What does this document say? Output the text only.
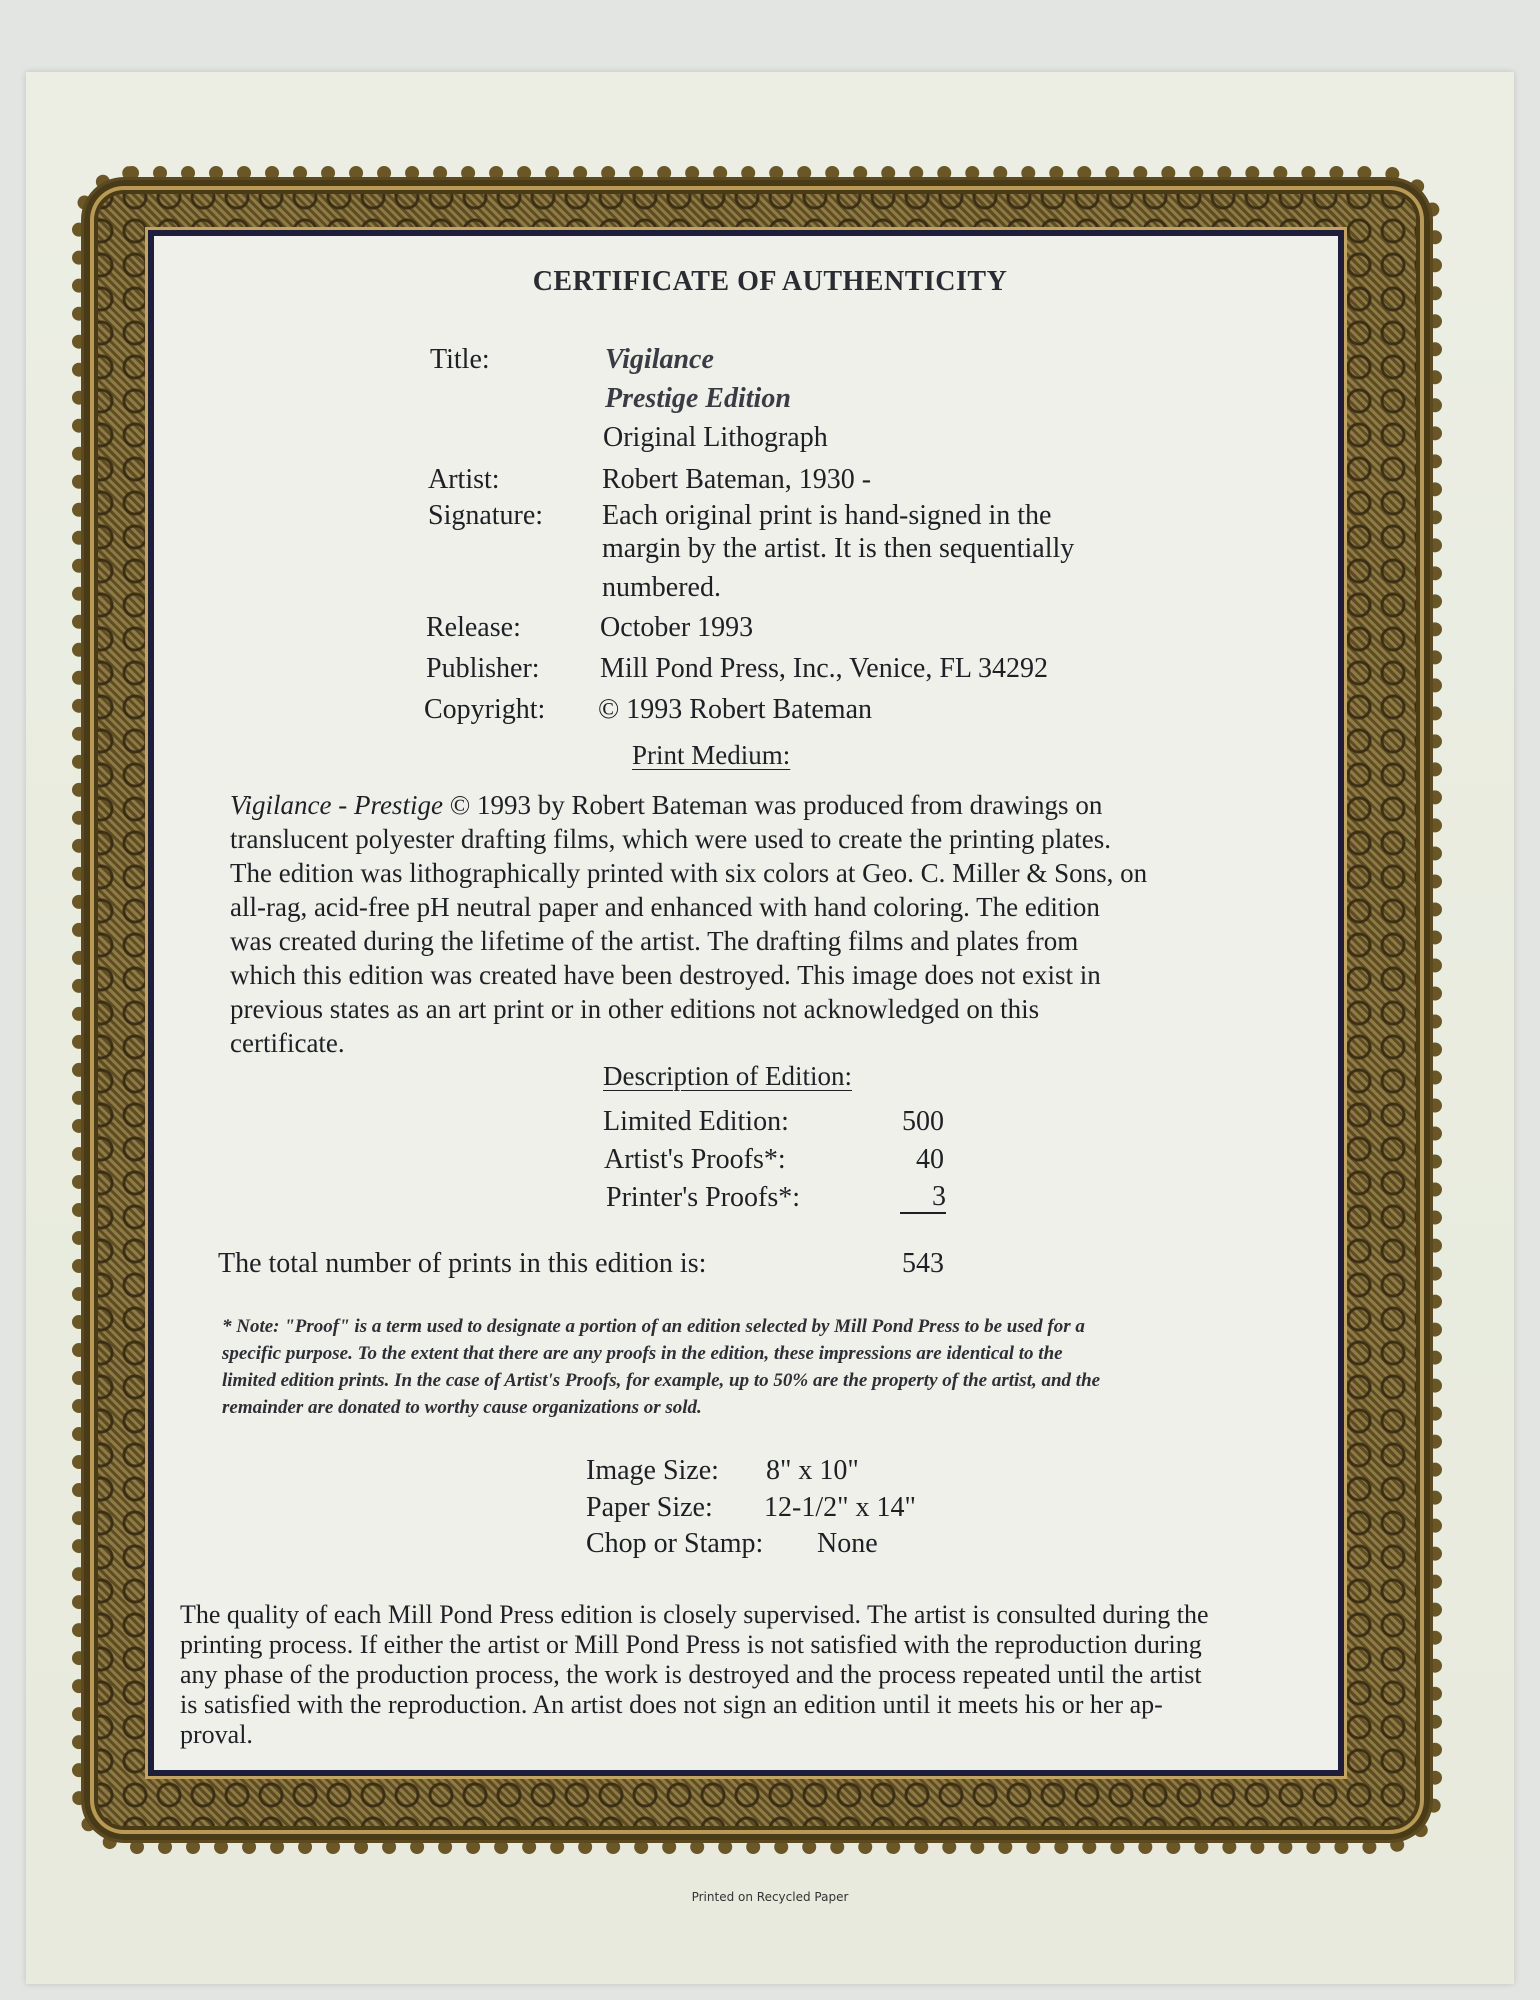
CERTIFICATE OF AUTHENTICITY
Title:	Vigilance
Prestige Edition
Original Lithograph
Artist:	Robert Bateman, 1930 -
Signature: Each original print is hand-signed in the
margin by the artist. It is then sequentially
numbered.
Release:	October 1993
Publisher: Mill Pond Press, Inc., Venice, FL 34292
Copyright: © 1993 Robert Bateman
Print Medium:
Vigilance - Prestige © 1993 by Robert Bateman was produced from drawings on
translucent polyester drafting films, which were used to create the printing plates.
The edition was lithographically printed with six colors at Geo. C. Miller & Sons, on
all-rag, acid-free pH neutral paper and enhanced with hand coloring. The edition
was created during the lifetime of the artist. The drafting films and plates from
which this edition was created have been destroyed. This image does not exist in
previous states as an art print or in other editions not acknowledged on this
certificate.
Description of Edition:
Limited Edition:	500
Artist's Proofs*:	40
Printer's Proofs*:	3
The total number of prints in this edition is:	543
* Note: "Proof" is a term used to designate a portion of an edition selected by Mill Pond Press to be used for a
specific purpose. To the extent that there are any proofs in the edition, these impressions are identical to the
limited edition prints. In the case of Artist's Proofs, for example, up to 50% are the property of the artist, and the
remainder are donated to worthy cause organizations or sold.
Image Size: 8" x 10"
Paper Size: 12-1/2" x 14"
Chop or Stamp: None
The quality of each Mill Pond Press edition is closely supervised. The artist is consulted during the
printing process. If either the artist or Mill Pond Press is not satisfied with the reproduction during
any phase of the production process, the work is destroyed and the process repeated until the artist
is satisfied with the reproduction. An artist does not sign an edition until it meets his or her ap-
proval.
Printed on Recycled Paper
